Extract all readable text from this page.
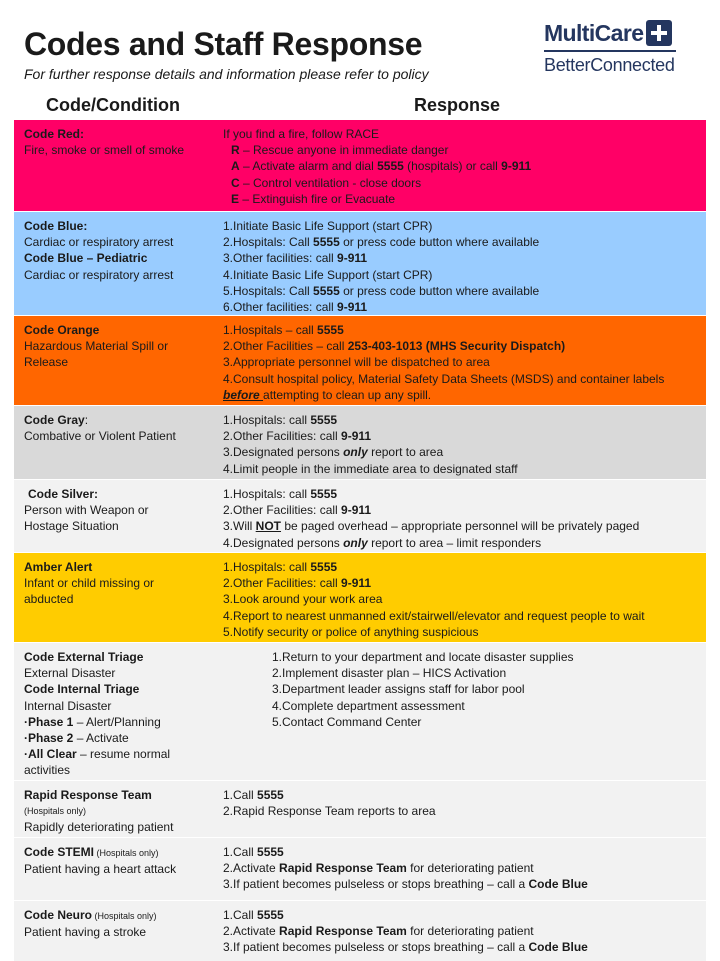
Codes and Staff Response
For further response details and information please refer to policy
MultiCare
BetterConnected
Code/Condition	Response
Code Red:
Fire, smoke or smell of smoke
If you find a fire, follow RACE
R – Rescue anyone in immediate danger
A – Activate alarm and dial 5555 (hospitals) or call 9-911
C – Control ventilation - close doors
E – Extinguish fire or Evacuate
Code Blue:
Cardiac or respiratory arrest
Code Blue – Pediatric
Cardiac or respiratory arrest
1.Initiate Basic Life Support (start CPR)
2.Hospitals: Call 5555 or press code button where available
3.Other facilities: call 9-911
4.Initiate Basic Life Support (start CPR)
5.Hospitals: Call 5555 or press code button where available
6.Other facilities: call 9-911
Code Orange
Hazardous Material Spill or Release
1.Hospitals – call 5555
2.Other Facilities – call 253-403-1013 (MHS Security Dispatch)
3.Appropriate personnel will be dispatched to area
4.Consult hospital policy, Material Safety Data Sheets (MSDS) and container labels before attempting to clean up any spill.
Code Gray:
Combative or Violent Patient
1.Hospitals: call 5555
2.Other Facilities: call 9-911
3.Designated persons only report to area
4.Limit people in the immediate area to designated staff
Code Silver:
Person with Weapon or Hostage Situation
1.Hospitals: call 5555
2.Other Facilities: call 9-911
3.Will NOT be paged overhead – appropriate personnel will be privately paged
4.Designated persons only report to area – limit responders
Amber Alert
Infant or child missing or abducted
1.Hospitals: call 5555
2.Other Facilities: call 9-911
3.Look around your work area
4.Report to nearest unmanned exit/stairwell/elevator and request people to wait
5.Notify security or police of anything suspicious
Code External Triage
External Disaster
Code Internal Triage
Internal Disaster
·Phase 1 – Alert/Planning
·Phase 2 – Activate
·All Clear – resume normal activities
1.Return to your department and locate disaster supplies
2.Implement disaster plan – HICS Activation
3.Department leader assigns staff for labor pool
4.Complete department assessment
5.Contact Command Center
Rapid Response Team
(Hospitals only)
Rapidly deteriorating patient
1.Call 5555
2.Rapid Response Team reports to area
Code STEMI (Hospitals only)
Patient having a heart attack
1.Call 5555
2.Activate Rapid Response Team for deteriorating patient
3.If patient becomes pulseless or stops breathing – call a Code Blue
Code Neuro (Hospitals only)
Patient having a stroke
1.Call 5555
2.Activate Rapid Response Team for deteriorating patient
3.If patient becomes pulseless or stops breathing – call a Code Blue
